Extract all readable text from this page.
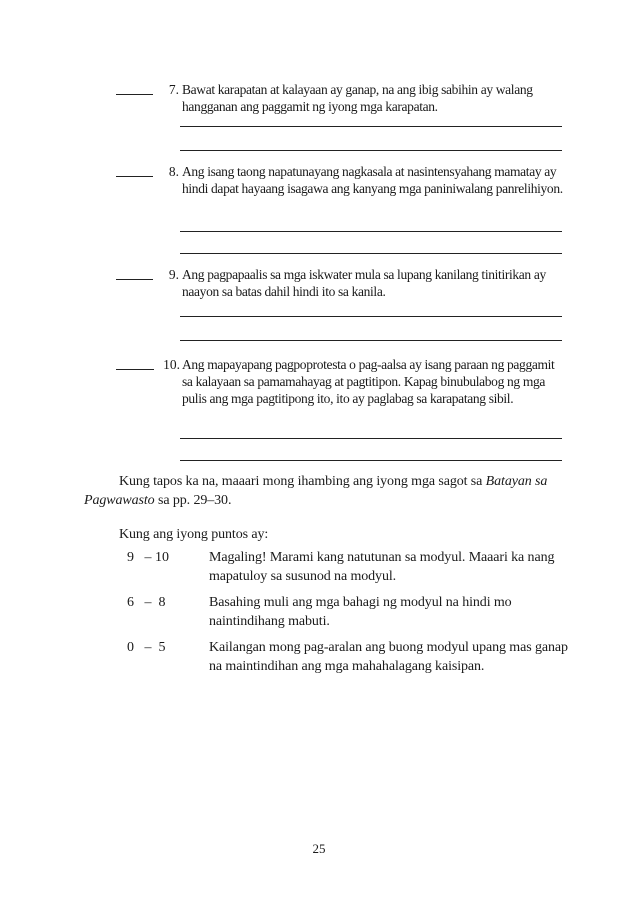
7. Bawat karapatan at kalayaan ay ganap, na ang ibig sabihin ay walang hangganan ang paggamit ng iyong mga karapatan.
8. Ang isang taong napatunayang nagkasala at nasintensyahang mamatay ay hindi dapat hayaang isagawa ang kanyang mga paniniwalang panrelihiyon.
9. Ang pagpapaalis sa mga iskwater mula sa lupang kanilang tinitirikan ay naayon sa batas dahil hindi ito sa kanila.
10. Ang mapayapang pagpoprotesta o pag-aalsa ay isang paraan ng paggamit sa kalayaan sa pamamahayag at pagtitipon. Kapag binubulabog ng mga pulis ang mga pagtitipong ito, ito ay paglabag sa karapatang sibil.
Kung tapos ka na, maaari mong ihambing ang iyong mga sagot sa Batayan sa Pagwawasto sa pp. 29–30.
Kung ang iyong puntos ay:
9   – 10	Magaling! Marami kang natutunan sa modyul. Maaari ka nang mapatuloy sa susunod na modyul.
6   –  8	Basahing muli ang mga bahagi ng modyul na hindi mo naintindihang mabuti.
0   –  5	Kailangan mong pag-aralan ang buong modyul upang mas ganap na maintindihan ang mga mahahalagang kaisipan.
25
